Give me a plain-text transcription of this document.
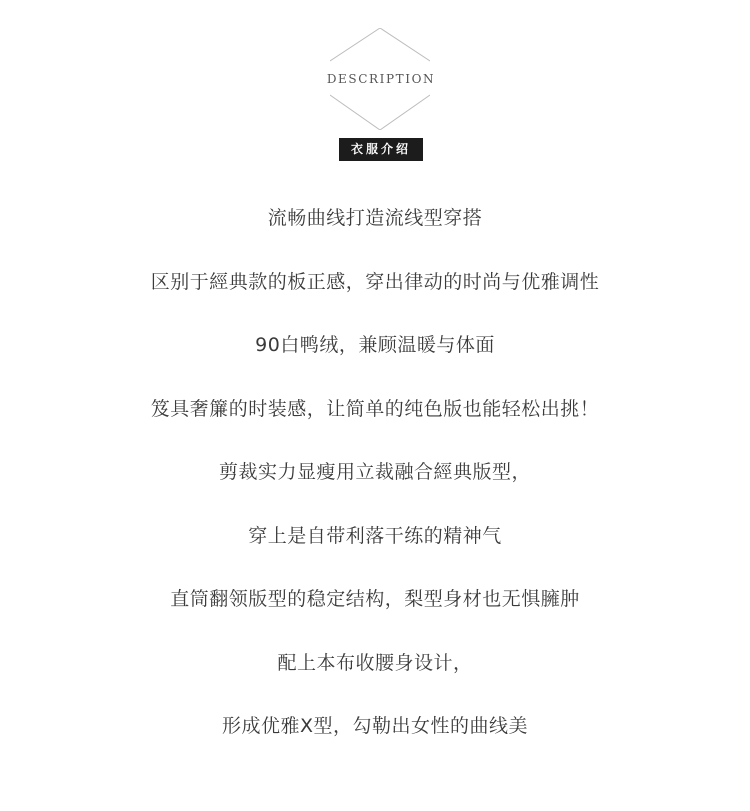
DESCRIPTION
衣服介绍
流畅曲线打造流线型穿搭
区别于經典款的板正感，穿出律动的时尚与优雅调性
90白鸭绒，兼顾温暖与体面
笈具奢簾的时装感，让简单的纯色版也能轻松出挑！
剪裁实力显瘦用立裁融合經典版型，
穿上是自带利落干练的精神气
直筒翻领版型的稳定结构，梨型身材也无惧臃肿
配上本布收腰身设计，
形成优雅X型，勾勒出女性的曲线美
